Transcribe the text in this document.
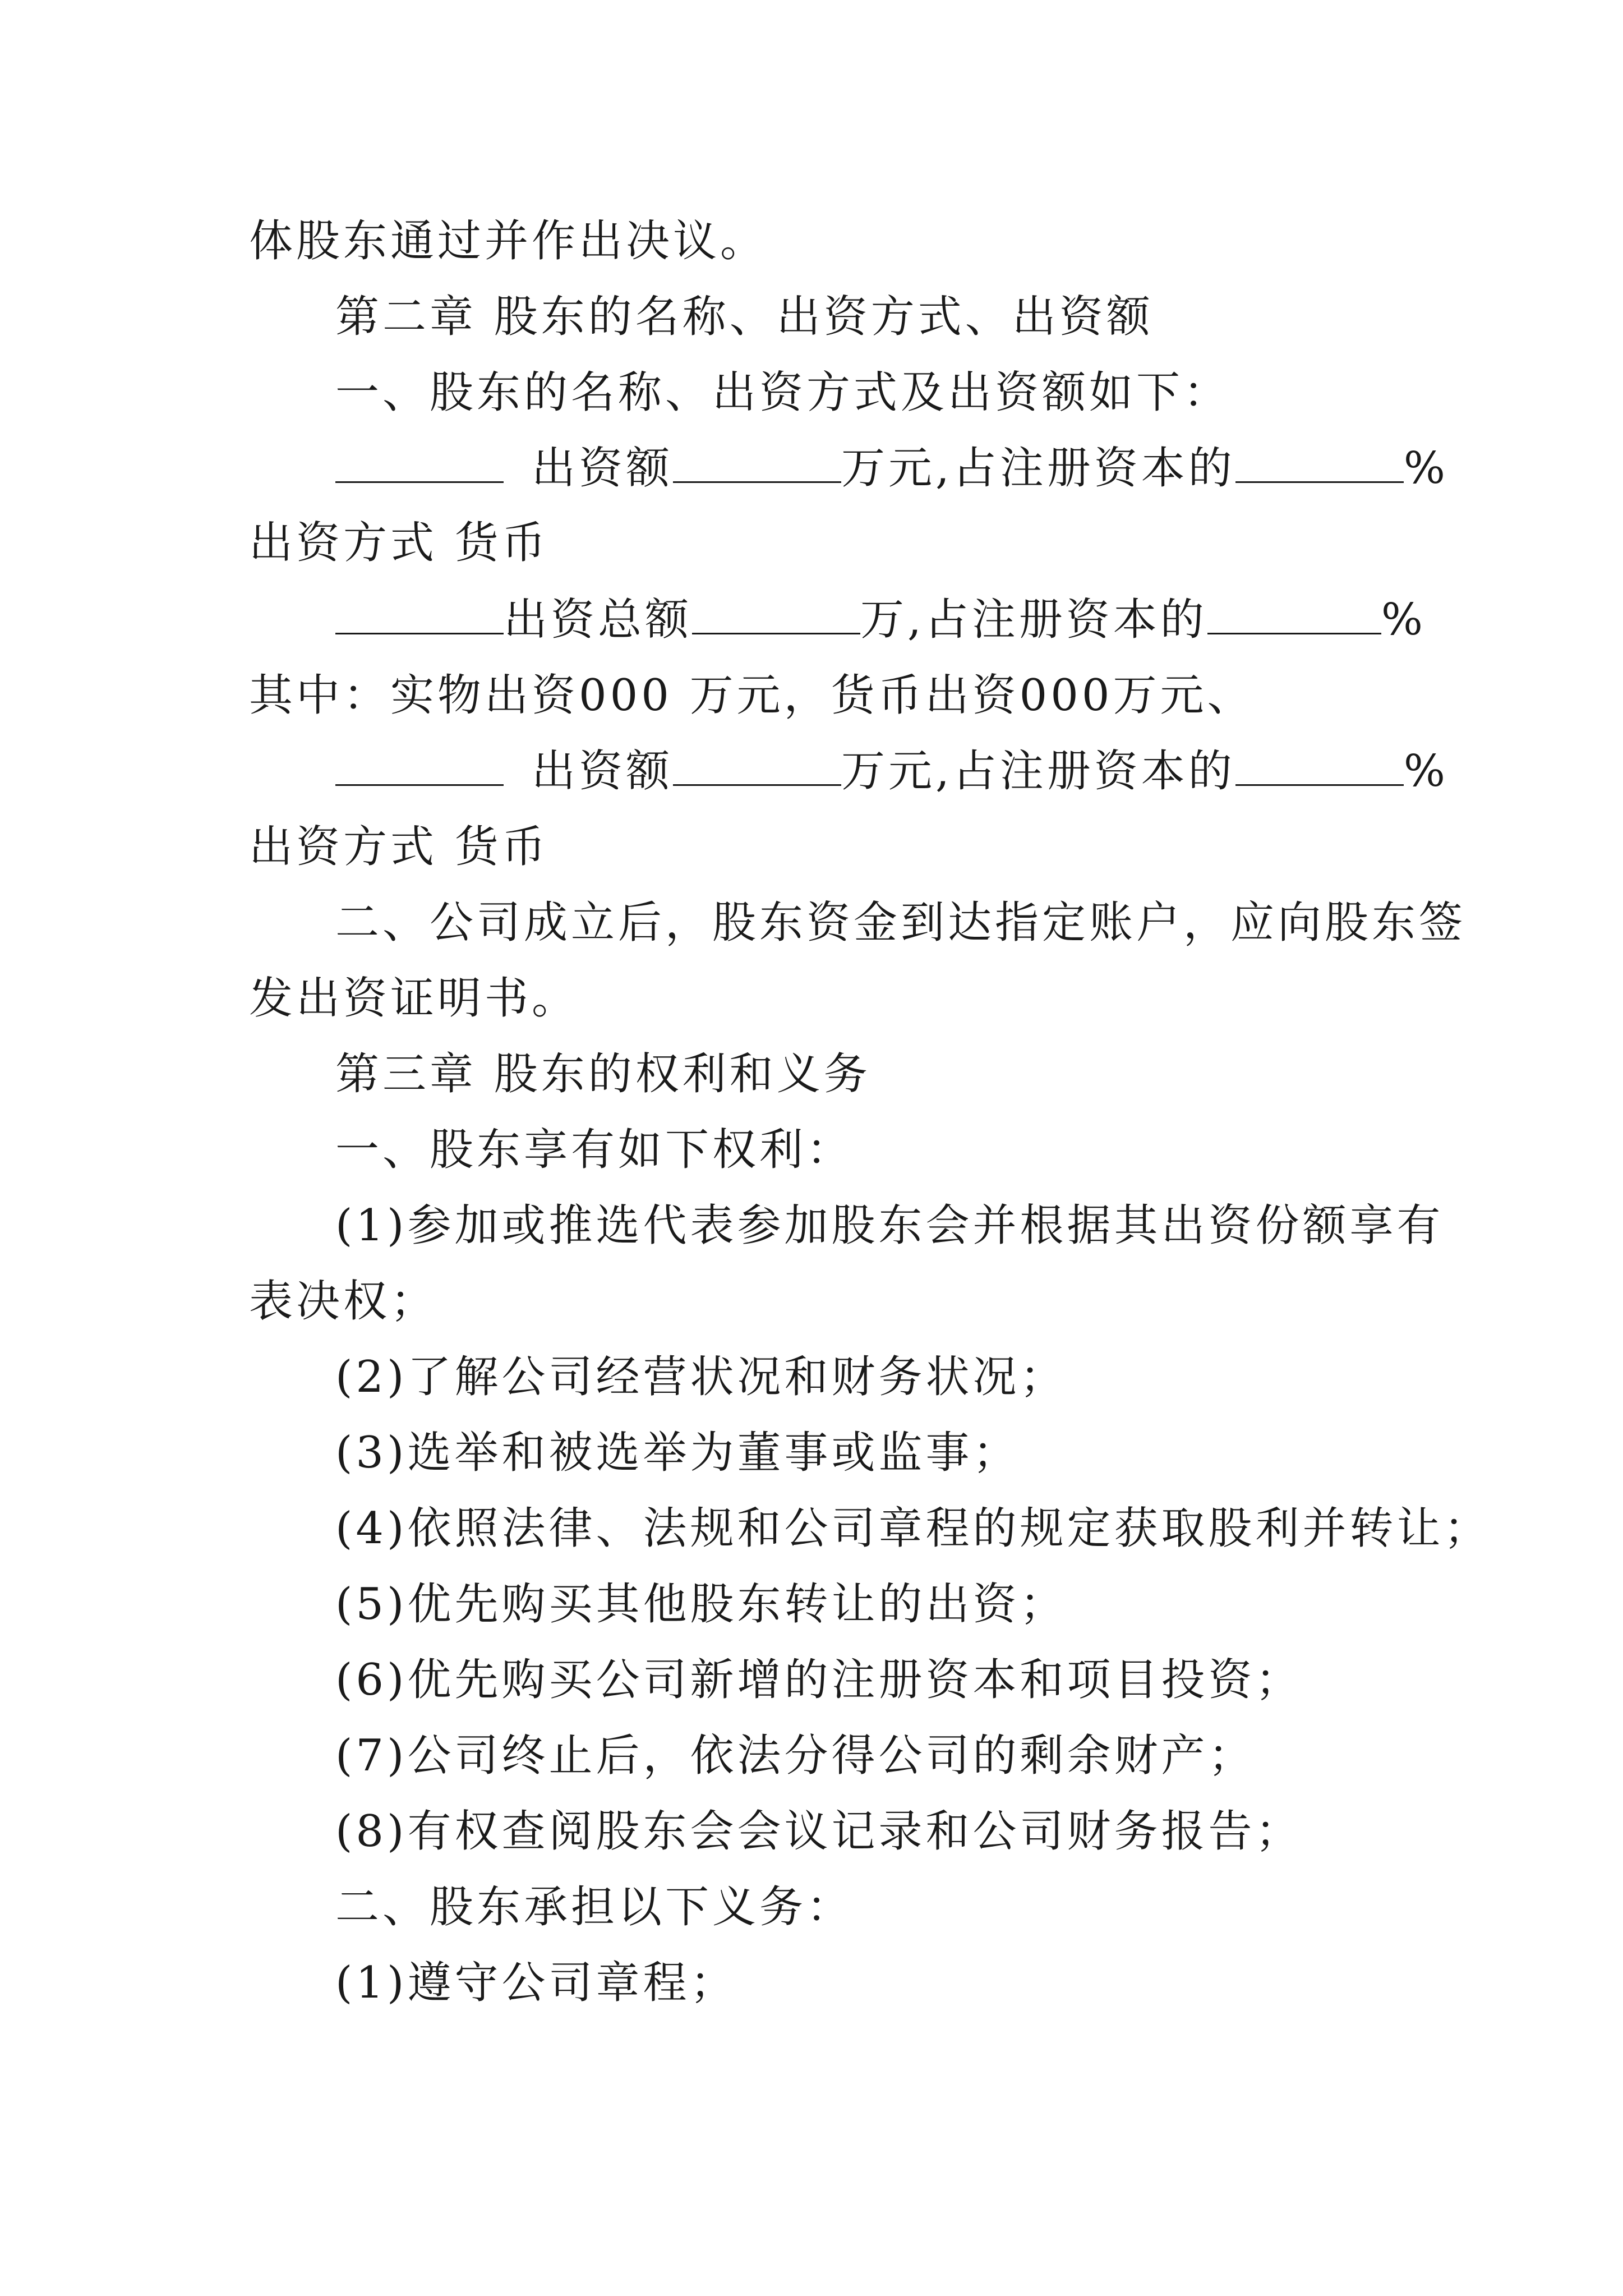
体股东通过并作出决议。
第二章 股东的名称、出资方式、出资额
一、股东的名称、出资方式及出资额如下：
出资额	万元,占注册资本的	%
出资方式 货币
出资总额	万,占注册资本的	%
其中：实物出资000 万元，货币出资000万元、
出资额	万元,占注册资本的	%
出资方式 货币
二、公司成立后，股东资金到达指定账户，应向股东签
发出资证明书。
第三章 股东的权利和义务
一、股东享有如下权利：
(1)参加或推选代表参加股东会并根据其出资份额享有
表决权；
(2)了解公司经营状况和财务状况；
(3)选举和被选举为董事或监事；
(4)依照法律、法规和公司章程的规定获取股利并转让；
(5)优先购买其他股东转让的出资；
(6)优先购买公司新增的注册资本和项目投资；
(7)公司终止后，依法分得公司的剩余财产；
(8)有权查阅股东会会议记录和公司财务报告；
二、股东承担以下义务：
(1)遵守公司章程；
